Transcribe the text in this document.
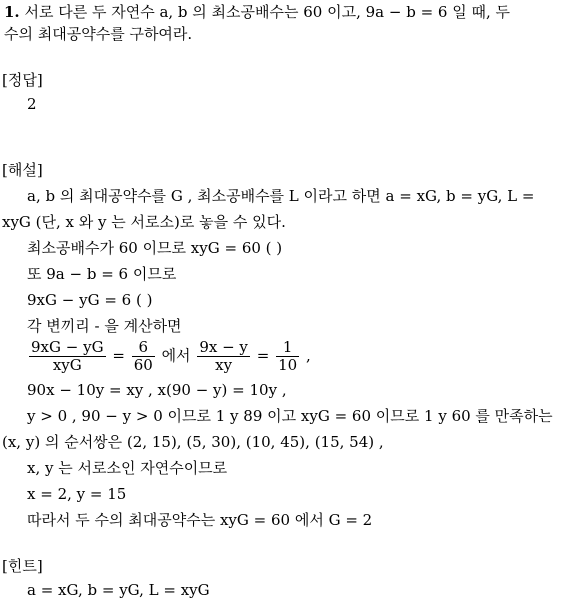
1. 서로 다른 두 자연수 a, b 의 최소공배수는 60 이고, 9a − b = 6 일 때, 두
수의 최대공약수를 구하여라.
[정답]
2
[해설]
a, b 의 최대공약수를 G , 최소공배수를 L 이라고 하면 a = xG, b = yG, L =
xyG (단, x 와 y 는 서로소)로 놓을 수 있다.
최소공배수가 60 이므로 xyG = 60 ( )
또 9a − b = 6 이므로
9xG − yG = 6 ( )
각 변끼리 - 을 계산하면
$\frac{9xG - yG}{\text{xyG}} = \frac{6}{60}$ 에서 $\frac{9x - y}{xy} = \frac{1}{10}$ ,
90x − 10y = xy , x(90 − y) = 10y ,
y > 0 , 90 − y > 0 이므로 1 y 89 이고 xyG = 60 이므로 1 y 60 를 만족하는
(x, y) 의 순서쌍은 (2, 15), (5, 30), (10, 45), (15, 54) ,
x, y 는 서로소인 자연수이므로
x = 2, y = 15
따라서 두 수의 최대공약수는 xyG = 60 에서 G = 2
[힌트]
a = xG, b = yG, L = xyG
